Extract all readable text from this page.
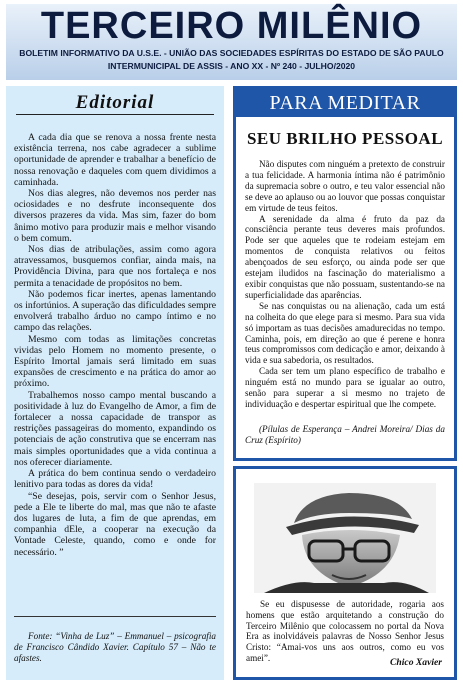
TERCEIRO MILÊNIO
BOLETIM INFORMATIVO DA U.S.E. - UNIÃO DAS SOCIEDADES ESPÍRITAS DO ESTADO DE SÃO PAULO
INTERMUNICIPAL DE ASSIS - ANO XX - Nº 240 - JULHO/2020
Editorial

A cada dia que se renova a nossa frente nesta existência terrena, nos cabe agradecer a sublime oportunidade de aprender e trabalhar a benefício de nossa renovação e daqueles com quem dividimos a caminhada.

Nos dias alegres, não devemos nos perder nas ociosidades e no desfrute inconsequente dos diversos prazeres da vida. Mas sim, fazer do bom ânimo motivo para produzir mais e melhor visando o bem comum.

Nos dias de atribulações, assim como agora atravessamos, busquemos confiar, ainda mais, na Providência Divina, para que nos fortaleça e nos permita a tenacidade de propósitos no bem.

Não podemos ficar inertes, apenas lamentando os infortúnios. A superação das dificuldades sempre envolverá trabalho árduo no campo íntimo e no campo das relações.

Mesmo com todas as limitações concretas vividas pelo Homem no momento presente, o Espírito Imortal jamais será limitado em suas expansões de crescimento e na prática do amor ao próximo.

Trabalhemos nosso campo mental buscando a positividade à luz do Evangelho de Amor, a fim de fortalecer a nossa capacidade de transpor as restrições passageiras do momento, expandindo os potenciais de ação construtiva que se encerram nas mais simples oportunidades que a vida continua a nos oferecer diariamente.

A prática do bem continua sendo o verdadeiro lenitivo para todas as dores da vida!

“Se desejas, pois, servir com o Senhor Jesus, pede a Ele te liberte do mal, mas que não te afaste dos lugares de luta, a fim de que aprendas, em companhia dEle, a cooperar na execução da Vontade Celeste, quando, como e onde for necessário. ”

Fonte: “Vinha de Luz” – Emmanuel – psicografia de Francisco Cândido Xavier. Capítulo 57 – Não te afastes.
PARA MEDITAR
SEU BRILHO PESSOAL

Não disputes com ninguém a pretexto de construir a tua felicidade. A harmonia íntima não é patrimônio da supremacia sobre o outro, e teu valor essencial não se deve ao aplauso ou ao louvor que possas conquistar em virtude de teus feitos.

A serenidade da alma é fruto da paz da consciência perante teus deveres mais profundos. Pode ser que aqueles que te rodeiam estejam em momentos de conquista relativos ou feitos abençoados de seu esforço, ou ainda pode ser que estejam iludidos na fascinação do materialismo a exibir conquistas que não possuam, sustentando-se na superficialidade das aparências.

Se nas conquistas ou na alienação, cada um está na colheita do que elege para si mesmo. Para sua vida só importam as tuas decisões amadurecidas no tempo. Caminha, pois, em direção ao que é perene e honra teus compromissos com dedicação e amor, deixando à vida e sua sabedoria, os resultados.

Cada ser tem um plano específico de trabalho e ninguém está no mundo para se igualar ao outro, senão para superar a si mesmo no trajeto de individuação e despertar espiritual que lhe compete.

(Pílulas de Esperança – Andrei Moreira/ Dias da Cruz (Espírito)
Se eu dispusesse de autoridade, rogaria aos homens que estão arquitetando a construção do Terceiro Milênio que colocassem no portal da Nova Era as inolvidáveis palavras de Nosso Senhor Jesus Cristo: “Amai-vos uns aos outros, como eu vos amei”.	Chico Xavier
